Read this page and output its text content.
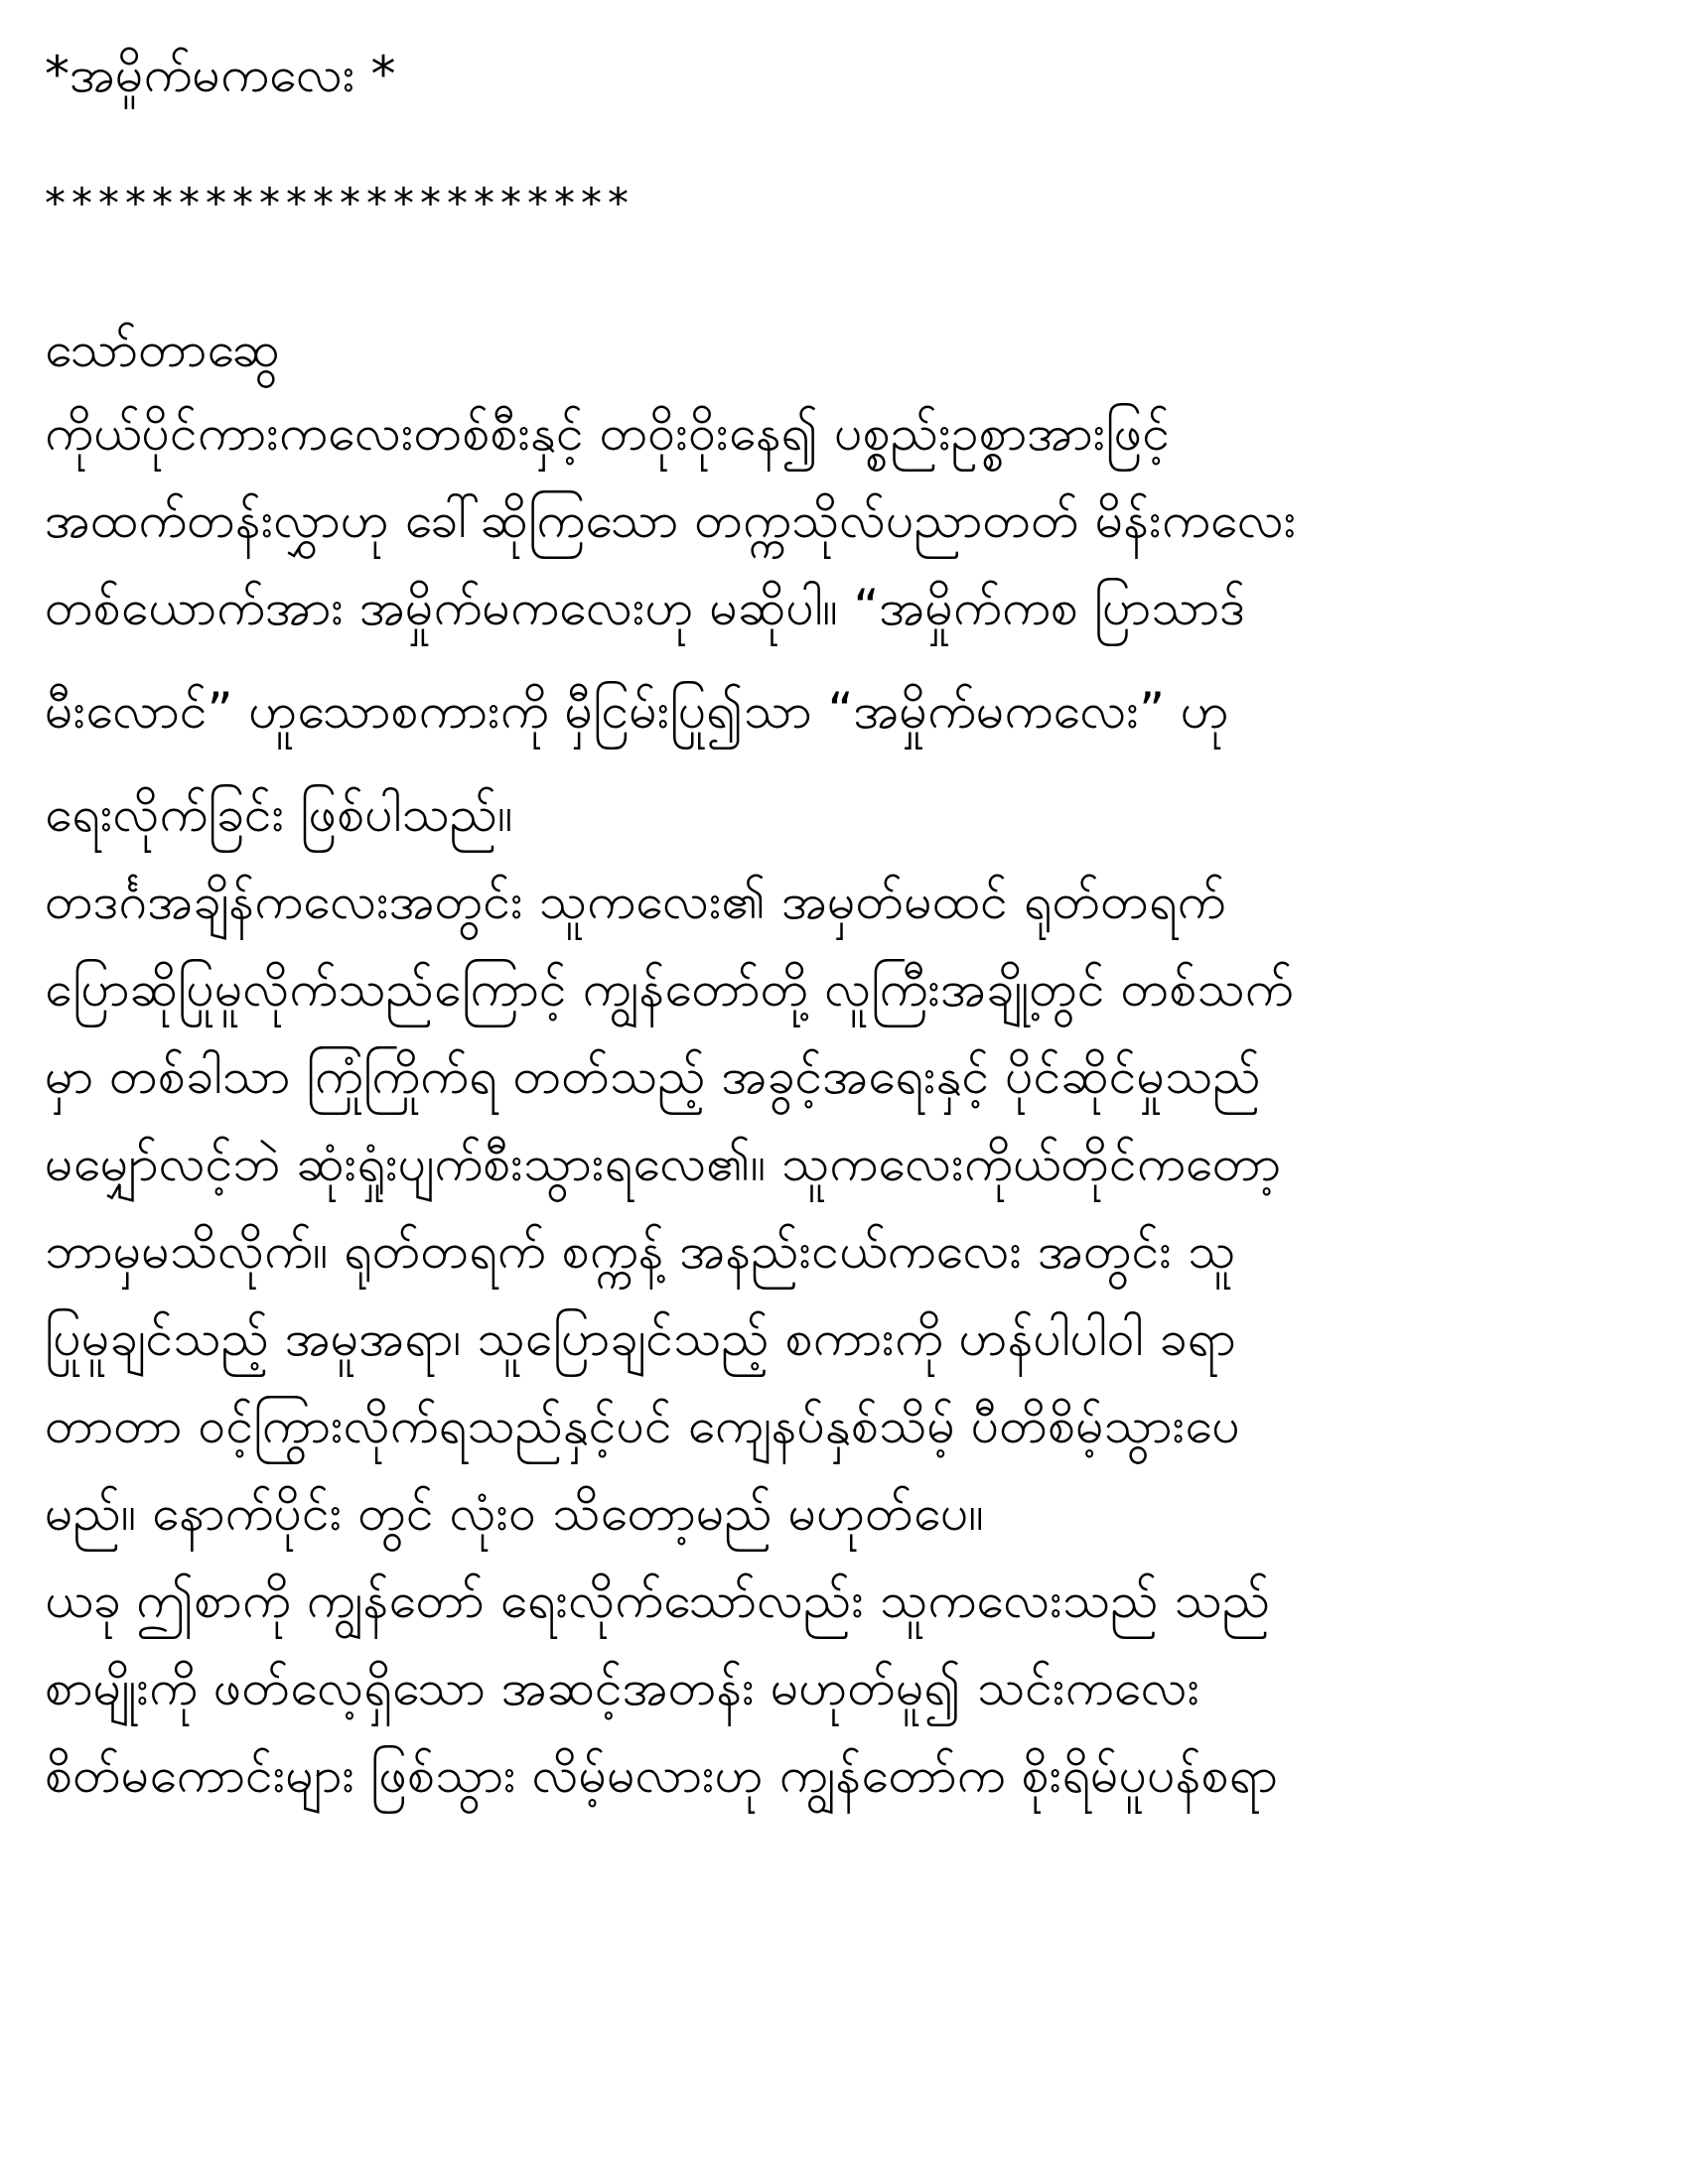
*အမှိုက်မကလေး *
**********************
သော်တာဆွေ
ကိုယ်ပိုင်ကားကလေးတစ်စီးနှင့် တဝိုးဝိုးနေ၍ ပစ္စည်းဥစ္စာအားဖြင့်
အထက်တန်းလွှာဟု ခေါ်ဆိုကြသော တက္ကသိုလ်ပညာတတ် မိန်းကလေး
တစ်ယောက်အား အမှိုက်မကလေးဟု မဆိုပါ။ “အမှိုက်ကစ ပြာသာဒ်
မီးလောင်” ဟူသောစကားကို မှီငြမ်းပြု၍သာ “အမှိုက်မကလေး” ဟု
ရေးလိုက်ခြင်း ဖြစ်ပါသည်။
တဒင်္ဂအချိန်ကလေးအတွင်း သူကလေး၏ အမှတ်မထင် ရုတ်တရက်
ပြောဆိုပြုမူလိုက်သည်ကြောင့် ကျွန်တော်တို့ လူကြီးအချို့တွင် တစ်သက်
မှာ တစ်ခါသာ ကြုံကြိုက်ရ တတ်သည့် အခွင့်အရေးနှင့် ပိုင်ဆိုင်မှုသည်
မမျှော်လင့်ဘဲ ဆုံးရှုံးပျက်စီးသွားရလေ၏။ သူကလေးကိုယ်တိုင်ကတော့
ဘာမှမသိလိုက်။ ရုတ်တရက် စက္ကန့် အနည်းငယ်ကလေး အတွင်း သူ
ပြုမူချင်သည့် အမူအရာ၊ သူပြောချင်သည့် စကားကို ဟန်ပါပါဝါ ခရာ
တာတာ ဝင့်ကြွားလိုက်ရသည်နှင့်ပင် ကျေနပ်နှစ်သိမ့် ပီတိစိမ့်သွားပေ
မည်။ နောက်ပိုင်း တွင် လုံးဝ သိတော့မည် မဟုတ်ပေ။
ယခု ဤစာကို ကျွန်တော် ရေးလိုက်သော်လည်း သူကလေးသည် သည်
စာမျိုးကို ဖတ်လေ့ရှိသော အဆင့်အတန်း မဟုတ်မူ၍ သင်းကလေး
စိတ်မကောင်းများ ဖြစ်သွား လိမ့်မလားဟု ကျွန်တော်က စိုးရိမ်ပူပန်စရာ
